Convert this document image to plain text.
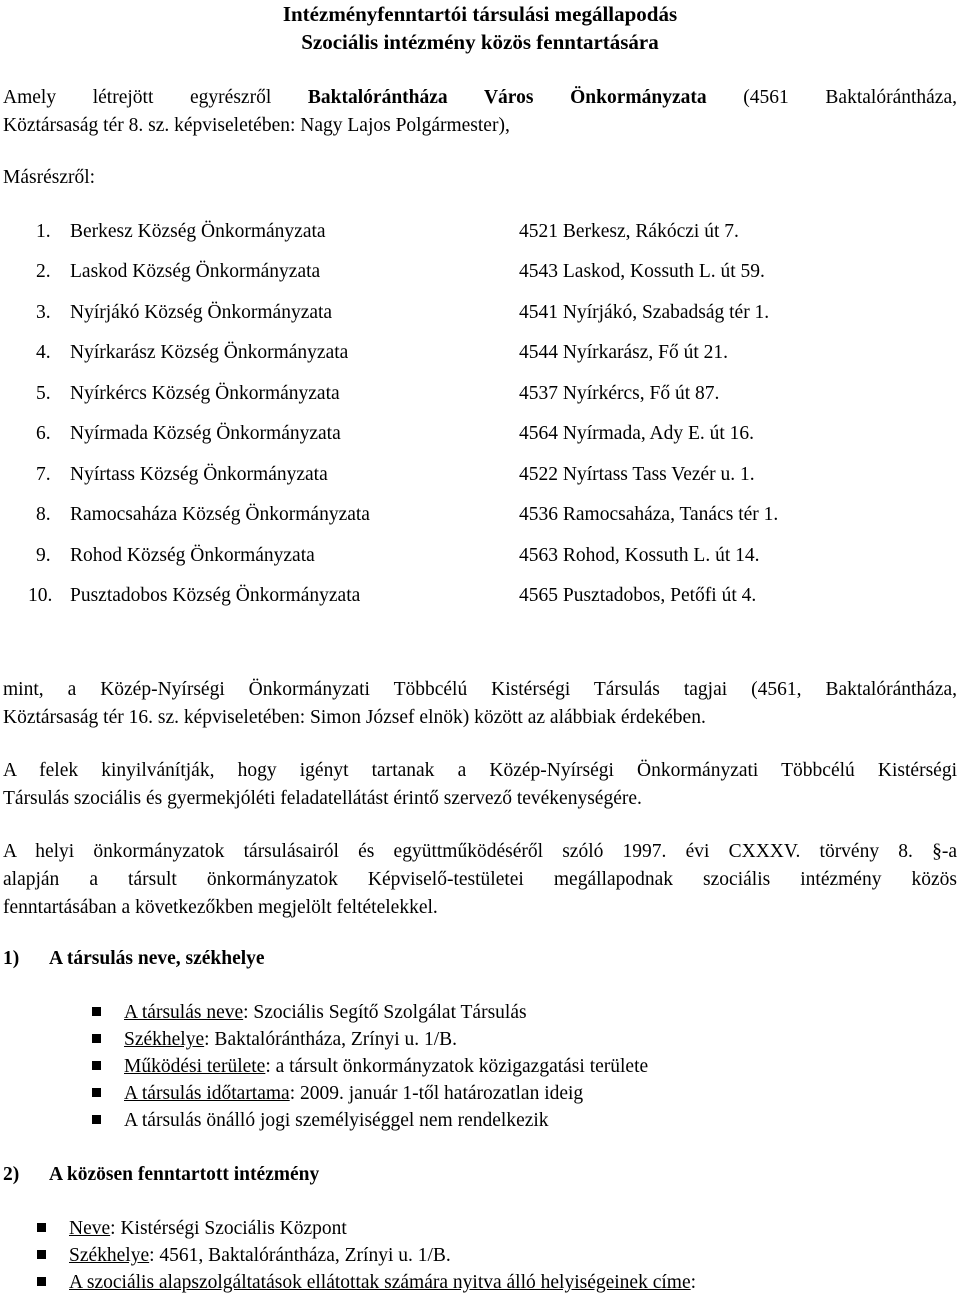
Intézményfenntartói társulási megállapodás
Szociális intézmény közös fenntartására

Amely létrejött egyrészről Baktalórántháza Város Önkormányzata (4561 Baktalórántháza,
Köztársaság tér 8. sz. képviseletében: Nagy Lajos Polgármester),

Másrészről:
1. Berkesz Község Önkormányzata	4521 Berkesz, Rákóczi út 7.
2. Laskod Község Önkormányzata	4543 Laskod, Kossuth L. út 59.
3. Nyírjákó Község Önkormányzata	4541 Nyírjákó, Szabadság tér 1.
4. Nyírkarász Község Önkormányzata	4544 Nyírkarász, Fő út 21.
5. Nyírkércs Község Önkormányzata	4537 Nyírkércs, Fő út 87.
6. Nyírmada Község Önkormányzata	4564 Nyírmada, Ady E. út 16.
7. Nyírtass Község Önkormányzata	4522 Nyírtass Tass Vezér u. 1.
8. Ramocsaháza Község Önkormányzata	4536 Ramocsaháza, Tanács tér 1.
9. Rohod Község Önkormányzata	4563 Rohod, Kossuth L. út 14.
10. Pusztadobos Község Önkormányzata	4565 Pusztadobos, Petőfi út 4.

mint, a Közép-Nyírségi Önkormányzati Többcélú Kistérségi Társulás tagjai (4561, Baktalórántháza,
Köztársaság tér 16. sz. képviseletében: Simon József elnök) között az alábbiak érdekében.

A felek kinyilvánítják, hogy igényt tartanak a Közép-Nyírségi Önkormányzati Többcélú Kistérségi
Társulás szociális és gyermekjóléti feladatellátást érintő szervező tevékenységére.

A helyi önkormányzatok társulásairól és együttműködéséről szóló 1997. évi CXXXV. törvény 8. §-a
alapján a társult önkormányzatok Képviselő-testületei megállapodnak szociális intézmény közös
fenntartásában a következőkben megjelölt feltételekkel.

1) A társulás neve, székhelye
A társulás neve: Szociális Segítő Szolgálat Társulás
Székhelye: Baktalórántháza, Zrínyi u. 1/B.
Működési területe: a társult önkormányzatok közigazgatási területe
A társulás időtartama: 2009. január 1-től határozatlan ideig
A társulás önálló jogi személyiséggel nem rendelkezik
2) A közösen fenntartott intézmény
Neve: Kistérségi Szociális Központ
Székhelye: 4561, Baktalórántháza, Zrínyi u. 1/B.
A szociális alapszolgáltatások ellátottak számára nyitva álló helyiségeinek címe:
